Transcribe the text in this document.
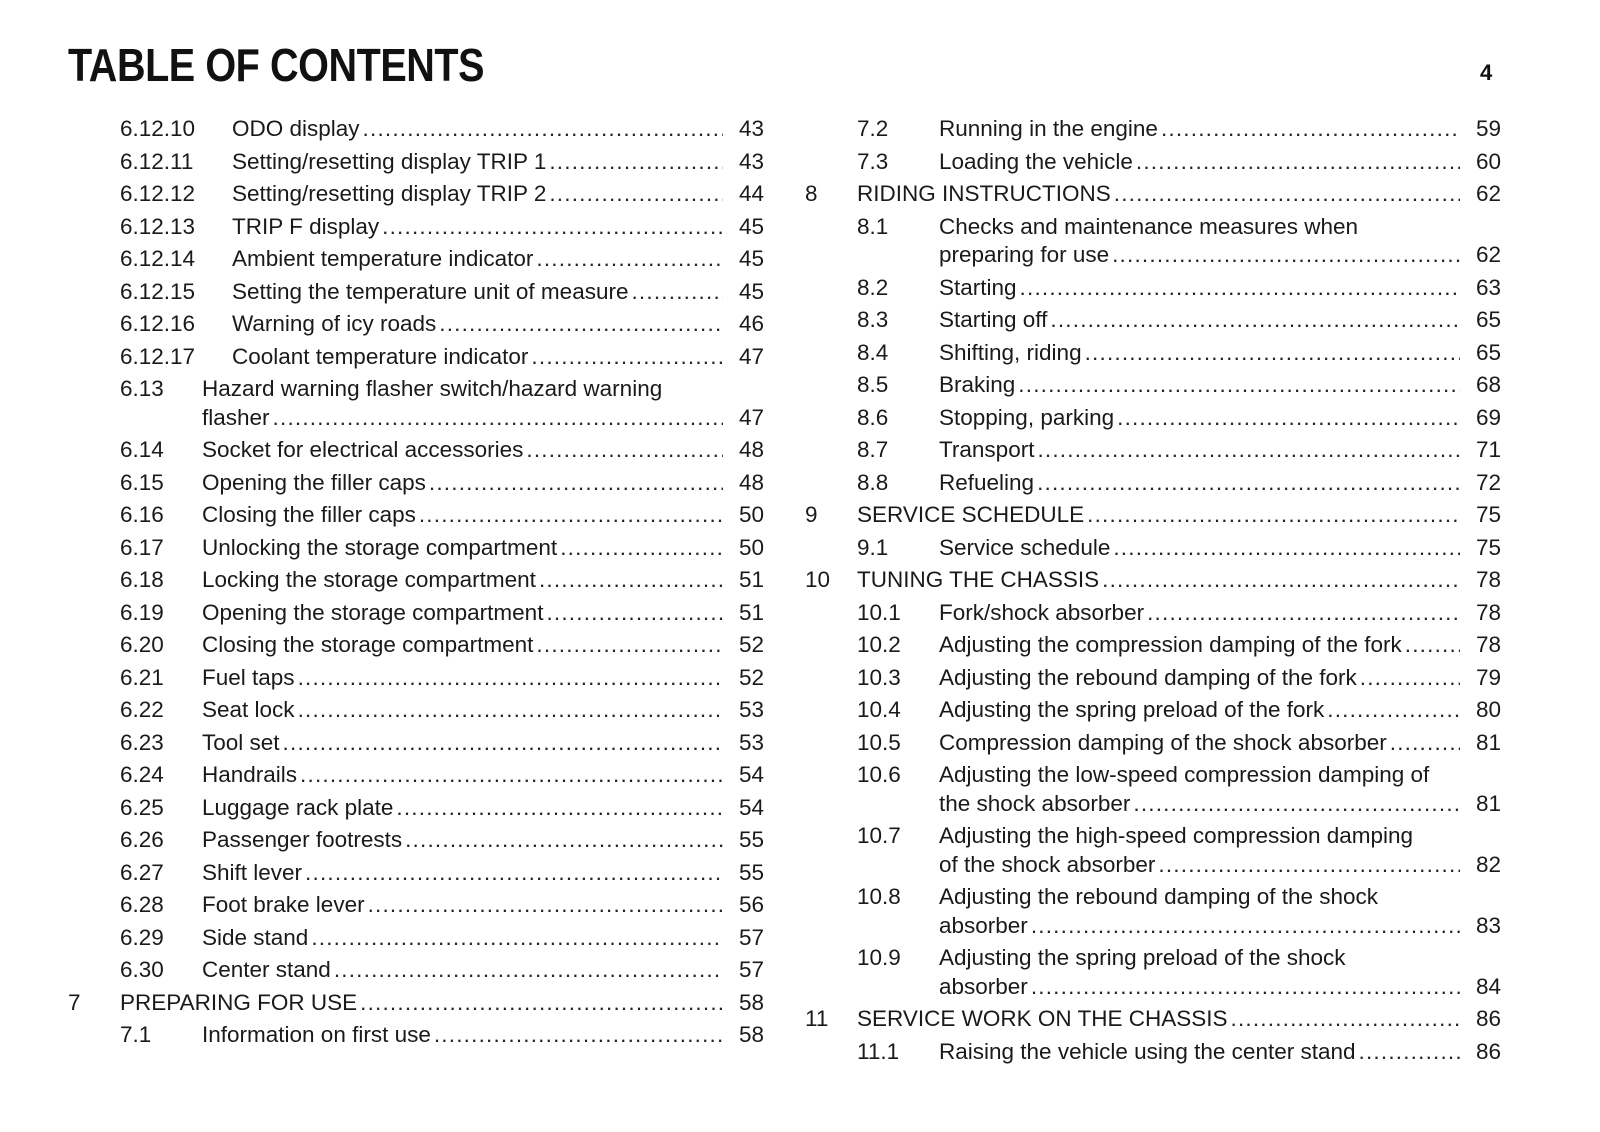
TABLE OF CONTENTS	4
6.12.10 ODO display .....	43
6.12.11 Setting/resetting display TRIP 1 .....	43
6.12.12 Setting/resetting display TRIP 2 .....	44
6.12.13 TRIP F display .....	45
6.12.14 Ambient temperature indicator .....	45
6.12.15 Setting the temperature unit of measure .....	45
6.12.16 Warning of icy roads .....	46
6.12.17 Coolant temperature indicator .....	47
6.13 Hazard warning flasher switch/hazard warning
flasher .....	47
6.14 Socket for electrical accessories .....	48
6.15 Opening the filler caps .....	48
6.16 Closing the filler caps .....	50
6.17 Unlocking the storage compartment .....	50
6.18 Locking the storage compartment .....	51
6.19 Opening the storage compartment .....	51
6.20 Closing the storage compartment .....	52
6.21 Fuel taps .....	52
6.22 Seat lock .....	53
6.23 Tool set .....	53
6.24 Handrails .....	54
6.25 Luggage rack plate .....	54
6.26 Passenger footrests .....	55
6.27 Shift lever .....	55
6.28 Foot brake lever .....	56
6.29 Side stand .....	57
6.30 Center stand .....	57
7 PREPARING FOR USE .....	58
7.1 Information on first use .....	58
7.2 Running in the engine .....	59
7.3 Loading the vehicle .....	60
8 RIDING INSTRUCTIONS .....	62
8.1 Checks and maintenance measures when
preparing for use .....	62
8.2 Starting .....	63
8.3 Starting off .....	65
8.4 Shifting, riding .....	65
8.5 Braking .....	68
8.6 Stopping, parking .....	69
8.7 Transport .....	71
8.8 Refueling .....	72
9 SERVICE SCHEDULE .....	75
9.1 Service schedule .....	75
10 TUNING THE CHASSIS .....	78
10.1 Fork/shock absorber .....	78
10.2 Adjusting the compression damping of the fork .....	78
10.3 Adjusting the rebound damping of the fork .....	79
10.4 Adjusting the spring preload of the fork .....	80
10.5 Compression damping of the shock absorber .....	81
10.6 Adjusting the low-speed compression damping of
the shock absorber .....	81
10.7 Adjusting the high-speed compression damping
of the shock absorber .....	82
10.8 Adjusting the rebound damping of the shock
absorber .....	83
10.9 Adjusting the spring preload of the shock
absorber .....	84
11 SERVICE WORK ON THE CHASSIS .....	86
11.1 Raising the vehicle using the center stand .....	86
